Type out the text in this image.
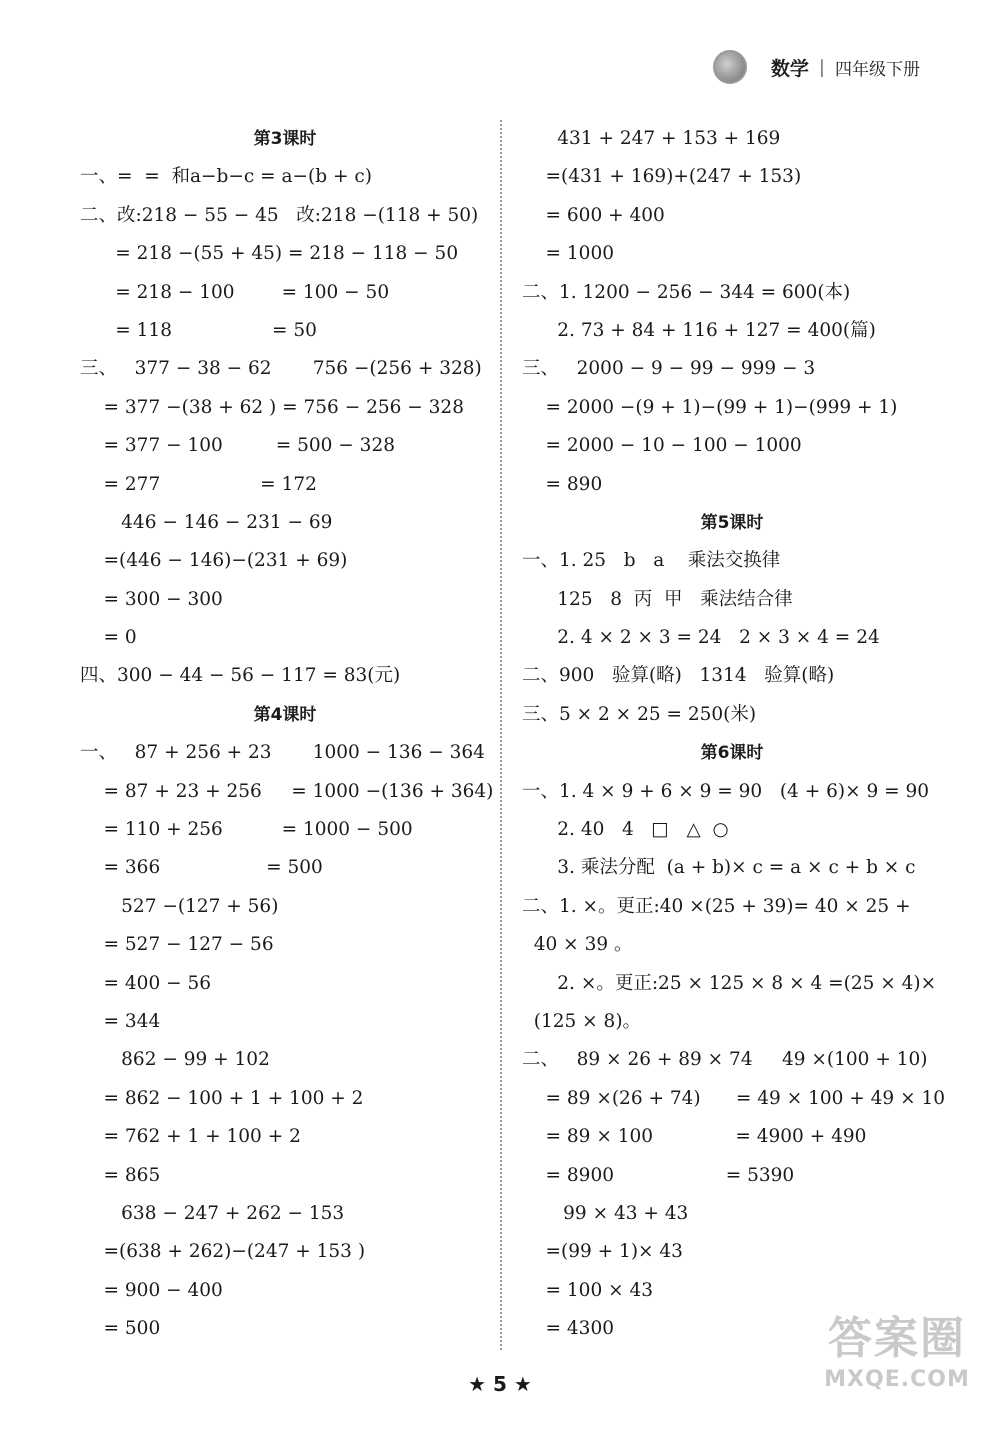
数学 | 四年级下册
第3课时
一、=  =  和a−b−c = a−(b + c)
二、改:218 − 55 − 45   改:218 −(118 + 50)
= 218 −(55 + 45) = 218 − 118 − 50
= 218 − 100        = 100 − 50
= 118                 = 50
三、   377 − 38 − 62       756 −(256 + 328)
= 377 −(38 + 62 ) = 756 − 256 − 328
= 377 − 100         = 500 − 328
= 277                 = 172
446 − 146 − 231 − 69
=(446 − 146)−(231 + 69)
= 300 − 300
= 0
四、300 − 44 − 56 − 117 = 83(元)
第4课时
一、   87 + 256 + 23       1000 − 136 − 364
= 87 + 23 + 256     = 1000 −(136 + 364)
= 110 + 256          = 1000 − 500
= 366                  = 500
527 −(127 + 56)
= 527 − 127 − 56
= 400 − 56
= 344
862 − 99 + 102
= 862 − 100 + 1 + 100 + 2
= 762 + 1 + 100 + 2
= 865
638 − 247 + 262 − 153
=(638 + 262)−(247 + 153 )
= 900 − 400
= 500
431 + 247 + 153 + 169
=(431 + 169)+(247 + 153)
= 600 + 400
= 1000
二、1. 1200 − 256 − 344 = 600(本)
2. 73 + 84 + 116 + 127 = 400(篇)
三、   2000 − 9 − 99 − 999 − 3
= 2000 −(9 + 1)−(99 + 1)−(999 + 1)
= 2000 − 10 − 100 − 1000
= 890
第5课时
一、1. 25   b   a    乘法交换律
125   8  丙  甲   乘法结合律
2. 4 × 2 × 3 = 24   2 × 3 × 4 = 24
二、900   验算(略)   1314   验算(略)
三、5 × 2 × 25 = 250(米)
第6课时
一、1. 4 × 9 + 6 × 9 = 90   (4 + 6)× 9 = 90
2. 40   4   □   △  ○
3. 乘法分配  (a + b)× c = a × c + b × c
二、1. ×。更正:40 ×(25 + 39)= 40 × 25 +
40 × 39 。
2. ×。更正:25 × 125 × 8 × 4 =(25 × 4)×
(125 × 8)。
二、   89 × 26 + 89 × 74     49 ×(100 + 10)
= 89 ×(26 + 74)      = 49 × 100 + 49 × 10
= 89 × 100              = 4900 + 490
= 8900                   = 5390
99 × 43 + 43
=(99 + 1)× 43
= 100 × 43
= 4300
★ 5 ★
答案圈
MXQE.COM
